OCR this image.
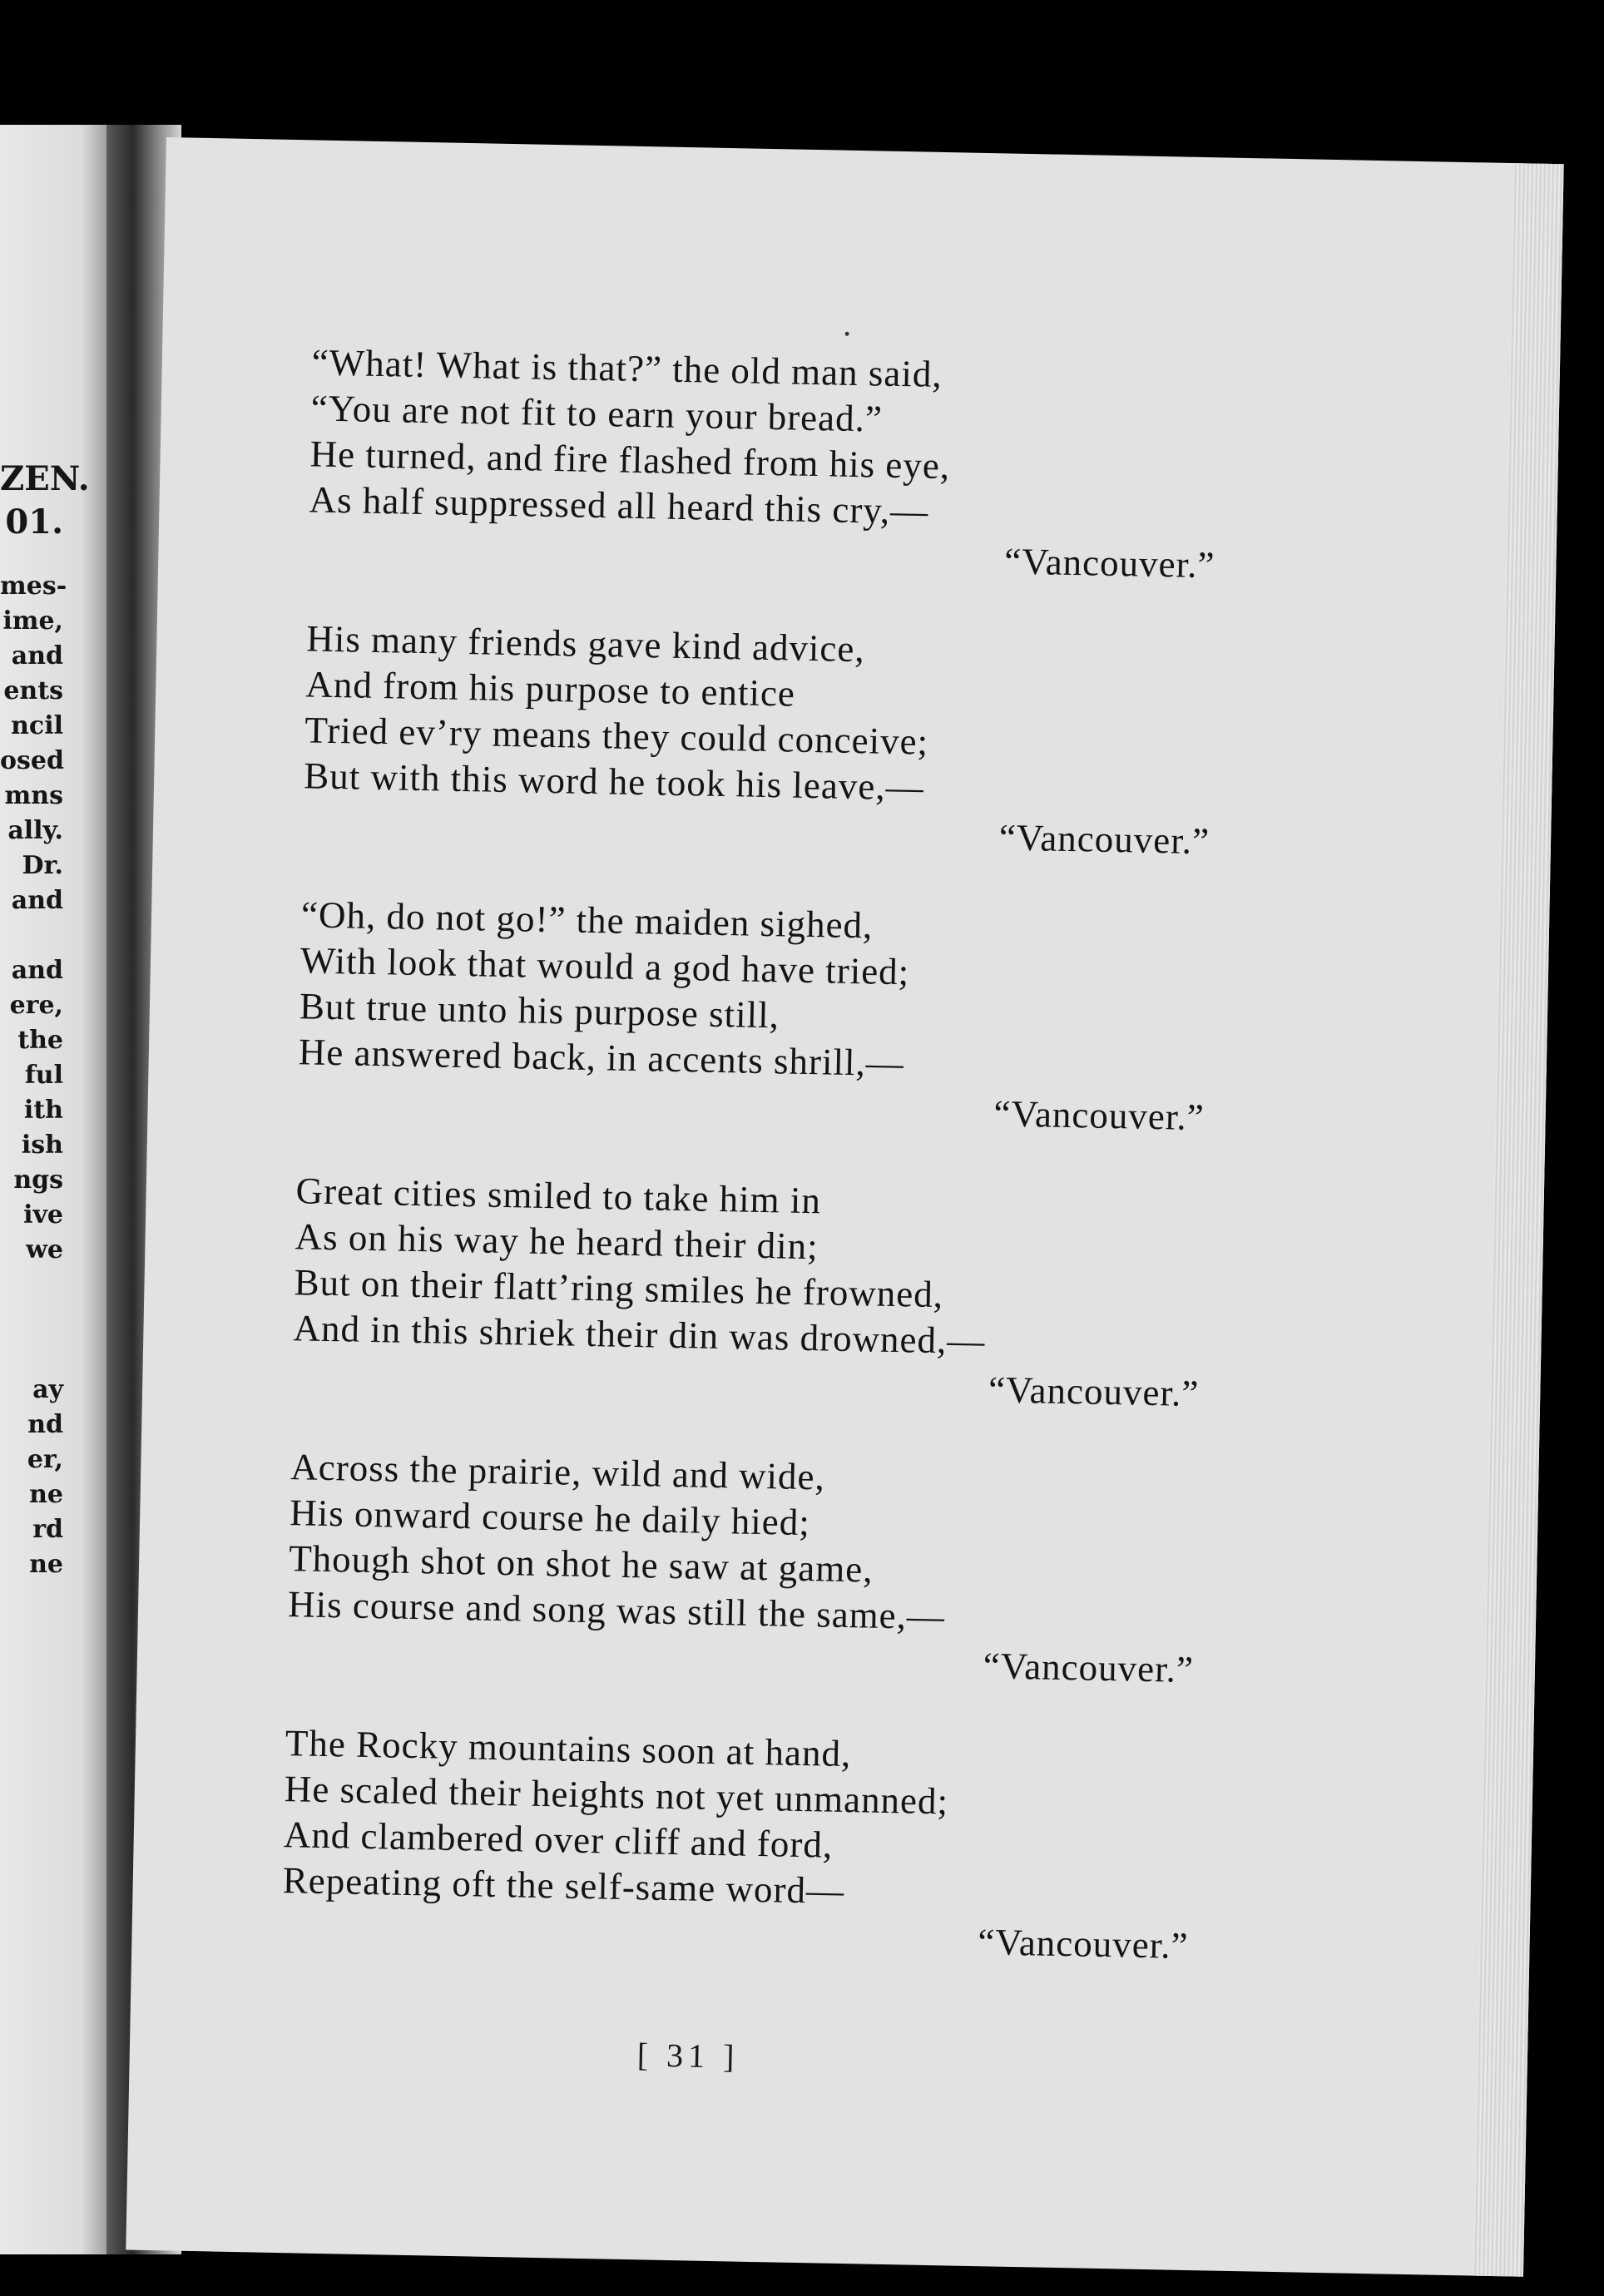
ZEN.
01.
mes-
ime,
and
ents
ncil
osed
mns
ally.
Dr.
and
and
ere,
the
ful
ith
ish
ngs
ive
we
ay
nd
er,
ne
rd
ne
“What! What is that?” the old man said,
“You are not fit to earn your bread.”
He turned, and fire flashed from his eye,
As half suppressed all heard this cry,—
“Vancouver.”
His many friends gave kind advice,
And from his purpose to entice
Tried ev’ry means they could conceive;
But with this word he took his leave,—
“Vancouver.”
“Oh, do not go!” the maiden sighed,
With look that would a god have tried;
But true unto his purpose still,
He answered back, in accents shrill,—
“Vancouver.”
Great cities smiled to take him in
As on his way he heard their din;
But on their flatt’ring smiles he frowned,
And in this shriek their din was drowned,—
“Vancouver.”
Across the prairie, wild and wide,
His onward course he daily hied;
Though shot on shot he saw at game,
His course and song was still the same,—
“Vancouver.”
The Rocky mountains soon at hand,
He scaled their heights not yet unmanned;
And clambered over cliff and ford,
Repeating oft the self-same word—
“Vancouver.”
[ 31 ]
